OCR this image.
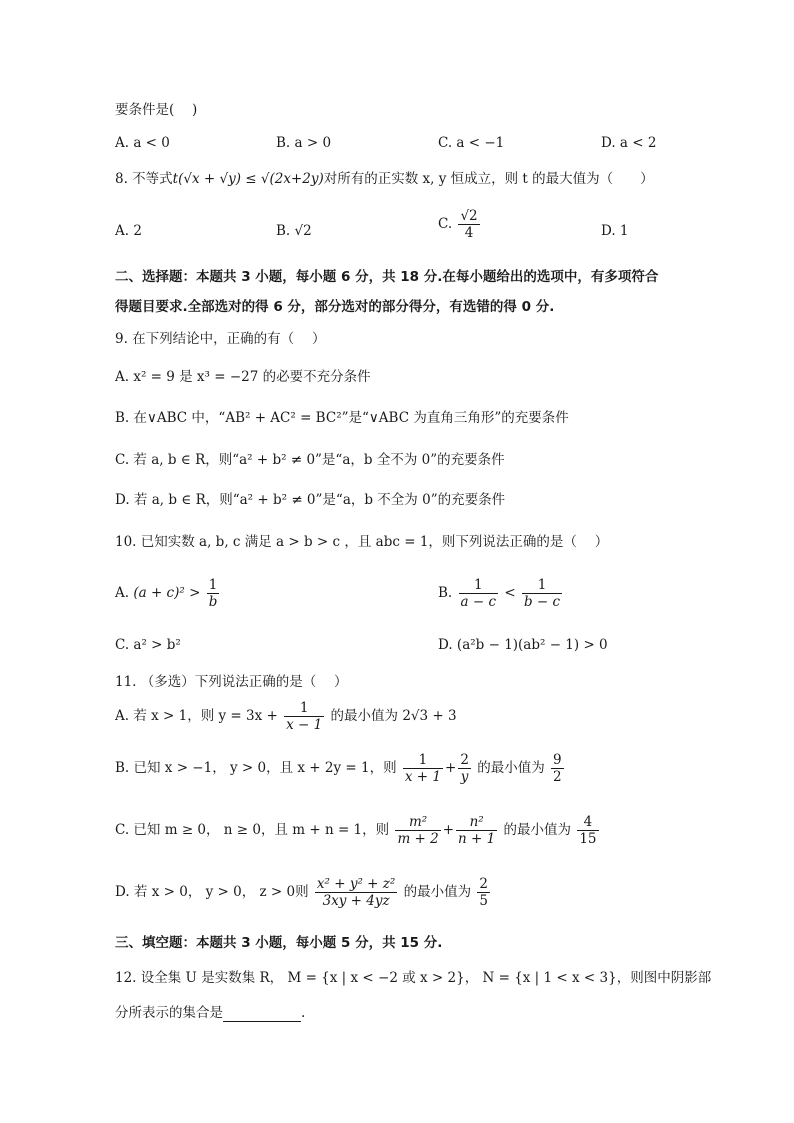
要条件是(　 )
A. a < 0	B. a > 0	C. a < −1	D. a < 2
8. 不等式t(√x + √y) ≤ √(2x+2y)对所有的正实数 x, y 恒成立，则 t 的最大值为（　　）
A. 2	B. √2	C. $\frac{√2}{4}$	D. 1
二、选择题：本题共 3 小题，每小题 6 分，共 18 分.在每小题给出的选项中，有多项符合
得题目要求.全部选对的得 6 分，部分选对的部分得分，有选错的得 0 分.
9. 在下列结论中，正确的有（　 ）
A. x² = 9 是 x³ = −27 的必要不充分条件
B. 在∨ABC 中，“AB² + AC² = BC²”是“∨ABC 为直角三角形”的充要条件
C. 若 a, b ∈ R，则“a² + b² ≠ 0”是“a，b 全不为 0”的充要条件
D. 若 a, b ∈ R，则“a² + b² ≠ 0”是“a，b 不全为 0”的充要条件
10. 已知实数 a, b, c 满足 a > b > c ，且 abc = 1，则下列说法正确的是（　 ）
A. $(a + c)^2 > \frac{1}{b}$	B. $\frac{1}{a - c} < \frac{1}{b - c}$
C. a² > b²	D. (a²b − 1)(ab² − 1) > 0
11. （多选）下列说法正确的是（　 ）
A. 若 x > 1，则 $y = 3x + \frac{1}{x - 1}$ 的最小值为 2√3 + 3
B. 已知 x > −1， y > 0，且 x + 2y = 1，则 $\frac{1}{x + 1} + \frac{2}{y}$ 的最小值为 $\frac{9}{2}$
C. 已知 m ≥ 0， n ≥ 0，且 m + n = 1，则 $\frac{\text{m²}}{m + 2} + \frac{\text{n²}}{n + 1}$ 的最小值为 $\frac{4}{15}$
D. 若 x > 0， y > 0， z > 0则 $\frac{\text{x² + y² + z²}}{3xy + 4yz}$ 的最小值为 $\frac{2}{5}$
三、填空题：本题共 3 小题，每小题 5 分，共 15 分.
12. 设全集 U 是实数集 R， M = {x | x < −2 或 x > 2}， N = {x | 1 < x < 3}，则图中阴影部
分所表示的集合是	.
